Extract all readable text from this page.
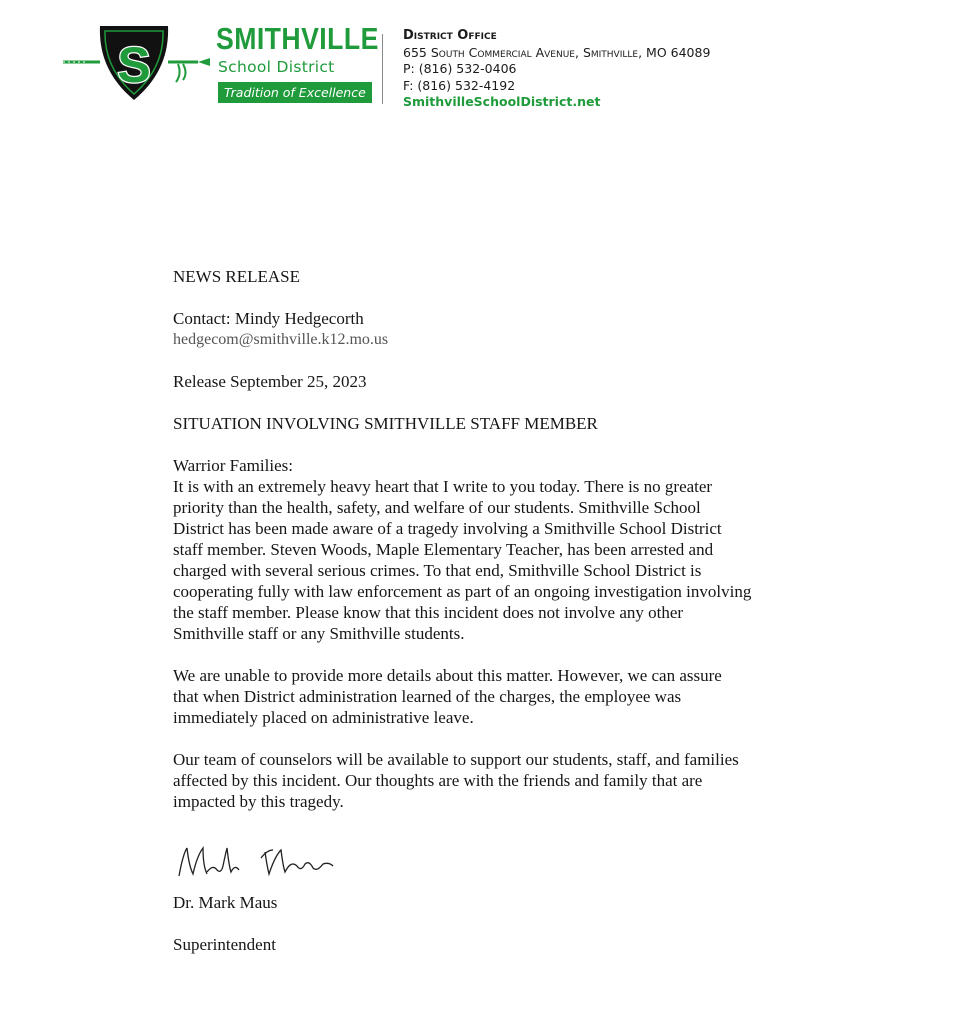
S SMITHVILLE
School District
Tradition of Excellence
District Office
655 South Commercial Avenue, Smithville, MO 64089
P: (816) 532-0406
F: (816) 532-4192
SmithvilleSchoolDistrict.net

NEWS RELEASE

Contact: Mindy Hedgecorth

hedgecom@smithville.k12.mo.us

Release September 25, 2023

SITUATION INVOLVING SMITHVILLE STAFF MEMBER

Warrior Families:

It is with an extremely heavy heart that I write to you today. There is no greater
priority than the health, safety, and welfare of our students. Smithville School
District has been made aware of a tragedy involving a Smithville School District
staff member. Steven Woods, Maple Elementary Teacher, has been arrested and
charged with several serious crimes. To that end, Smithville School District is
cooperating fully with law enforcement as part of an ongoing investigation involving
the staff member. Please know that this incident does not involve any other
Smithville staff or any Smithville students.

We are unable to provide more details about this matter. However, we can assure
that when District administration learned of the charges, the employee was
immediately placed on administrative leave.

Our team of counselors will be available to support our students, staff, and families
affected by this incident. Our thoughts are with the friends and family that are
impacted by this tragedy.

Dr. Mark Maus

Superintendent
